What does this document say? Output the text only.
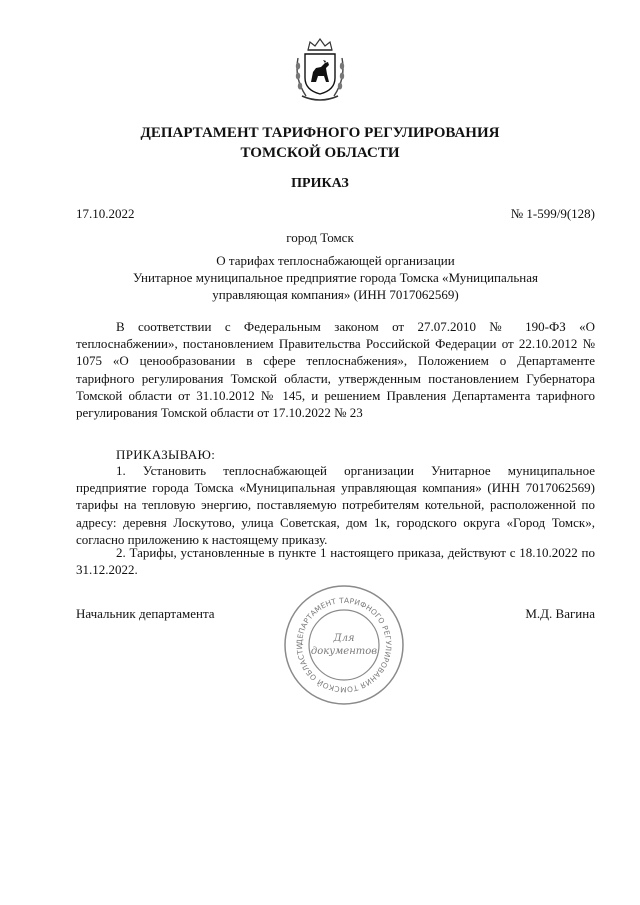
ДЕПАРТАМЕНТ ТАРИФНОГО РЕГУЛИРОВАНИЯ
ТОМСКОЙ ОБЛАСТИ
ПРИКАЗ
17.10.2022	№ 1-599/9(128)
город Томск
О тарифах теплоснабжающей организации
Унитарное муниципальное предприятие города Томска «Муниципальная
управляющая компания» (ИНН 7017062569)

В соответствии с Федеральным законом от 27.07.2010 № 190-ФЗ «О теплоснабжении», постановлением Правительства Российской Федерации от 22.10.2012 № 1075 «О ценообразовании в сфере теплоснабжения», Положением о Департаменте тарифного регулирования Томской области, утвержденным постановлением Губернатора Томской области от 31.10.2012 № 145, и решением Правления Департамента тарифного регулирования Томской области от 17.10.2022 № 23

ПРИКАЗЫВАЮ:

1. Установить теплоснабжающей организации Унитарное муниципальное предприятие города Томска «Муниципальная управляющая компания» (ИНН 7017062569) тарифы на тепловую энергию, поставляемую потребителям котельной, расположенной по адресу: деревня Лоскутово, улица Советская, дом 1к, городского округа «Город Томск», согласно приложению к настоящему приказу.

2. Тарифы, установленные в пункте 1 настоящего приказа, действуют с 18.10.2022 по 31.12.2022.

Начальник департамента	М.Д. Вагина
ДЕПАРТАМЕНТ ТАРИФНОГО РЕГУЛИРОВАНИЯ ТОМСКОЙ ОБЛАСТИ
Для
документов
